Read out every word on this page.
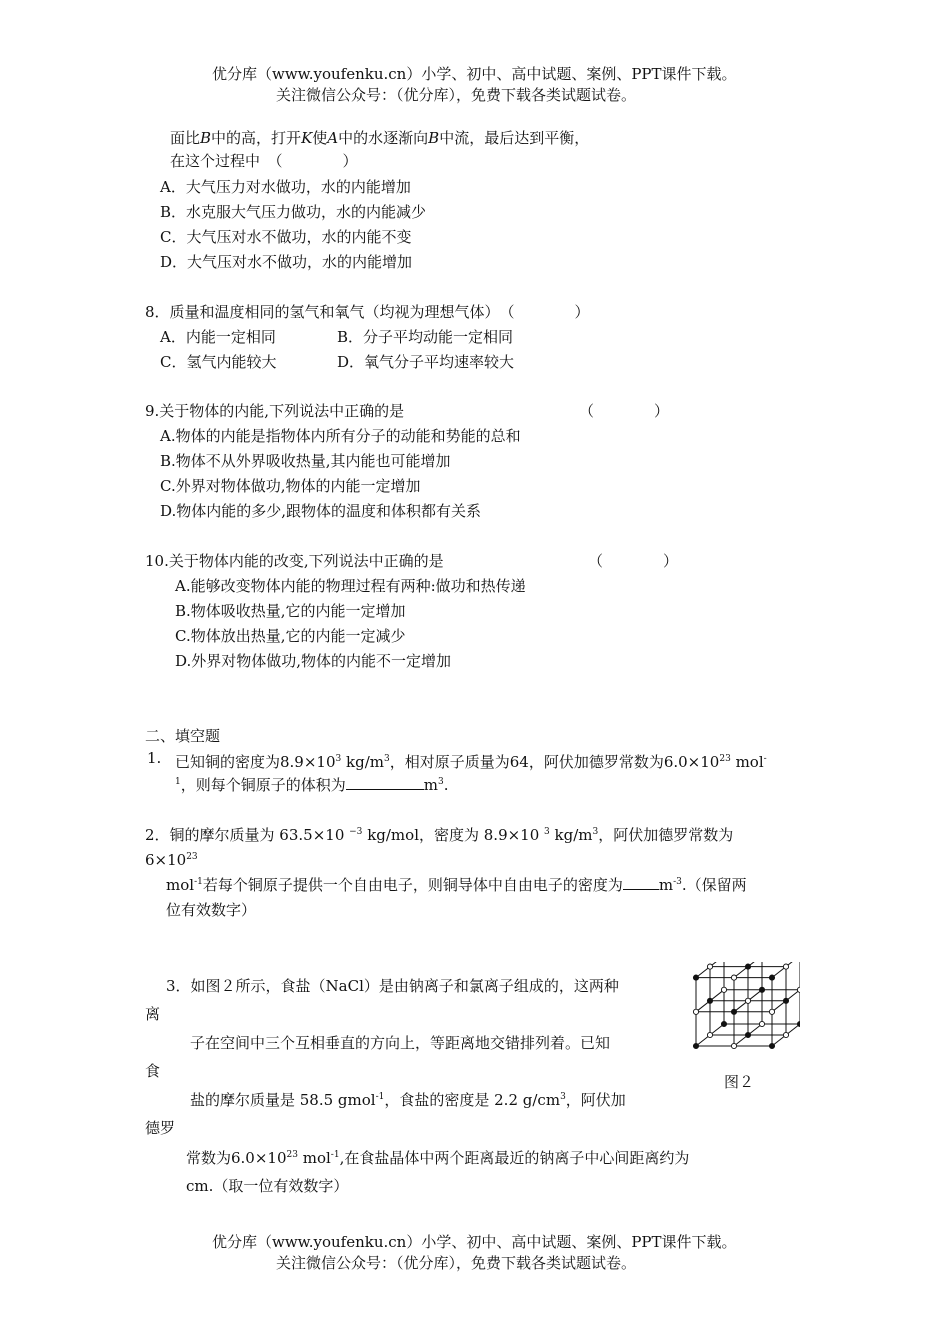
优分库（www.youfenku.cn）小学、初中、高中试题、案例、PPT课件下载。
关注微信公众号：（优分库），免费下载各类试题试卷。
面比B中的高，打开K使A中的水逐渐向B中流，最后达到平衡，
在这个过程中　（　　　　）
A．大气压力对水做功，水的内能增加
B．水克服大气压力做功，水的内能减少
C．大气压对水不做功，水的内能不变
D．大气压对水不做功，水的内能增加
8．质量和温度相同的氢气和氧气（均视为理想气体）　（　　　　）
A．内能一定相同	B．分子平均动能一定相同
C．氢气内能较大	D．氧气分子平均速率较大
9.关于物体的内能,下列说法中正确的是	（　　　　）
A.物体的内能是指物体内所有分子的动能和势能的总和
B.物体不从外界吸收热量,其内能也可能增加
C.外界对物体做功,物体的内能一定增加
D.物体内能的多少,跟物体的温度和体积都有关系
10.关于物体内能的改变,下列说法中正确的是	（　　　　）
A.能够改变物体内能的物理过程有两种:做功和热传递
B.物体吸收热量,它的内能一定增加
C.物体放出热量,它的内能一定减少
D.外界对物体做功,物体的内能不一定增加
二、填空题
1. 已知铜的密度为$8.9\times 10^3$ $kg/m^3$，相对原子质量为64，阿伏加德罗常数为$6.0\times 10^{23}$ mol-
$^1$，则每个铜原子的体积为	$m^3$.
2．铜的摩尔质量为 63.5×10 $^{-3}$ kg/mol，密度为 8.9×10 $^3$ $kg/m^3$，阿伏加德罗常数为
$6\times 10^{23}$
mol$^{-1}$若每个铜原子提供一个自由电子，则铜导体中自由电子的密度为 $m^{-3}$.（保留两
位有效数字）
3．如图２所示，食盐（NaCl）是由钠离子和氯离子组成的，这两种
离
子在空间中三个互相垂直的方向上，等距离地交错排列着。已知
食
盐的摩尔质量是 58.5 gmol$^{-1}$，食盐的密度是 2.2 $g/cm^3$，阿伏加
德罗
常数为$6.0\times 10^{23}$ mol$^{-1}$,在食盐晶体中两个距离最近的钠离子中心间距离约为
cm.（取一位有效数字）
图２
优分库（www.youfenku.cn）小学、初中、高中试题、案例、PPT课件下载。
关注微信公众号：（优分库），免费下载各类试题试卷。
